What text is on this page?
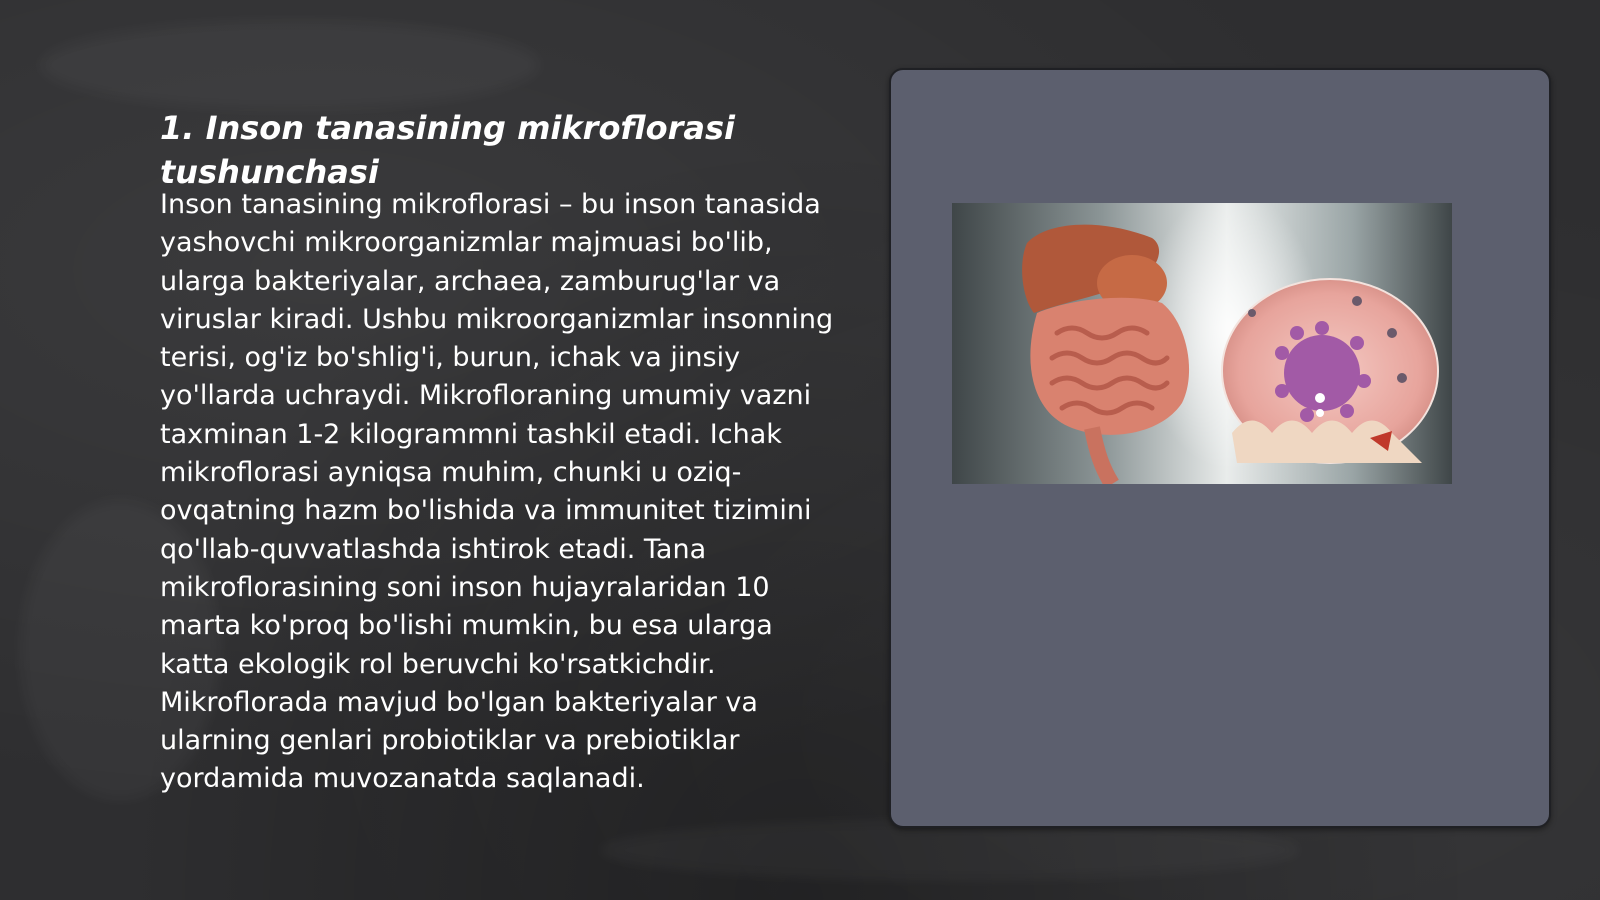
1. Inson tanasining mikroflorasi tushunchasi

Inson tanasining mikroflorasi – bu inson tanasida yashovchi mikroorganizmlar majmuasi bo'lib, ularga bakteriyalar, archaea, zamburug'lar va viruslar kiradi. Ushbu mikroorganizmlar insonning terisi, og'iz bo'shlig'i, burun, ichak va jinsiy yo'llarda uchraydi. Mikrofloraning umumiy vazni taxminan 1-2 kilogrammni tashkil etadi. Ichak mikroflorasi ayniqsa muhim, chunki u oziq-ovqatning hazm bo'lishida va immunitet tizimini qo'llab-quvvatlashda ishtirok etadi. Tana mikroflorasining soni inson hujayralaridan 10 marta ko'proq bo'lishi mumkin, bu esa ularga katta ekologik rol beruvchi ko'rsatkichdir. Mikroflorada mavjud bo'lgan bakteriyalar va ularning genlari probiotiklar va prebiotiklar yordamida muvozanatda saqlanadi.
